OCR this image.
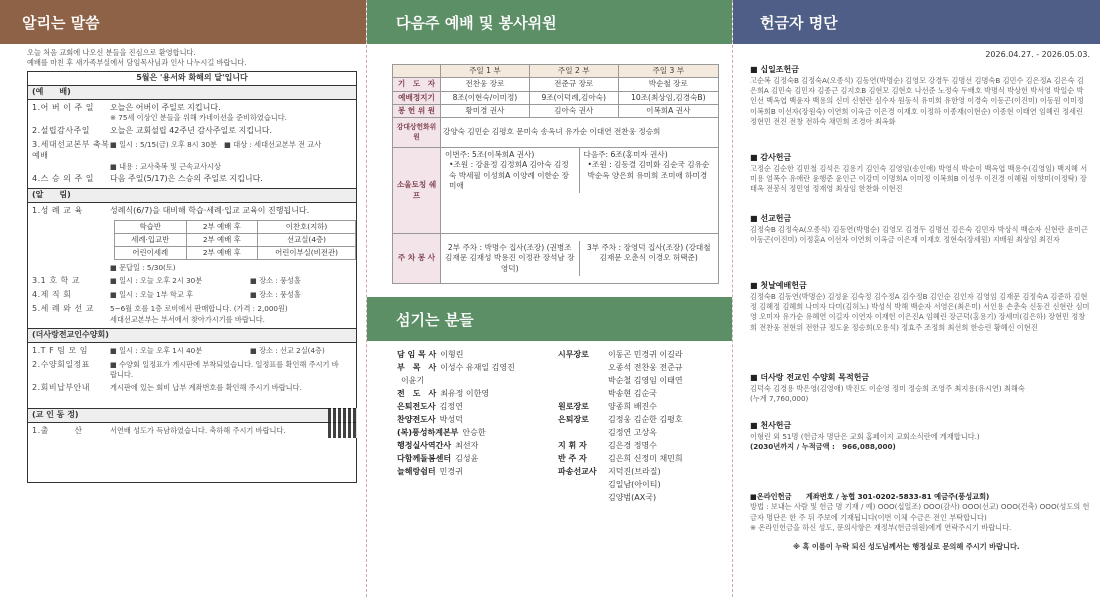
알리는 말씀
오늘 처음 교회에 나오신 분들을 진심으로 환영합니다.
예배를 마친 후 새가족부실에서 담임목사님과 인사 나누시길 바랍니다.
5월은 '용서와 화해의 달'입니다
(예　　배)
1.어 버 이 주 일	오늘은 어버이 주일로 지킵니다.
※ 75세 이상인 분들을 위해 카네이션을 준비하였습니다.
2.설립감사주일	오늘은 교회설립 42주년 감사주일로 지킵니다.
3.세대선교본부 축복예배
■ 일시 : 5/15(금) 오후 8시 30분　■ 대상 : 세대선교본부 전 교사
■ 내용 : 교사축복 및 근속교사시상
4.스 승 의 주 일	다음 주일(5/17)은 스승의 주일로 지킵니다.
(알　　림)
1.성 례 교 육	성례식(6/7)을 대비해 학습·세례·입교 교육이 진행됩니다.
학습반	2부 예배 후	이찬호(지하)
세례·입교반	2부 예배 후	선교실(4층)
어린이세례	2부 예배 후	어린이부실(비전관)
■ 문답일 : 5/30(토)
3.1 호 학 교	■ 일시 : 오늘 오후 2시 30분	■ 장소 : 풍성홀
4.제 직 회	■ 일시 : 오늘 1부 학교 후	■ 장소 : 풍성홀
5.세 례 와 선 교	5~6월 호를 1층 로비에서 판매합니다. (가격 : 2,000원)
세대선교본부는 부서에서 찾아가시기를 바랍니다.
(더사랑전교인수양회)
1.T F 팀 모 임	■ 일시 : 오늘 오후 1시 40분	■ 장소 : 선교 2실(4층)
2.수양회일정표	■ 수양회 일정표가 게시판에 부착되었습니다. 일정표를 확인해 주시기 바랍니다.
2.회비납부안내	게시판에 있는 회비 납부 계좌번호를 확인해 주시기 바랍니다.
(교 인 동 정)
1.출　　　산	서연배 성도가 득남하였습니다. 축하해 주시기 바랍니다.
다음주 예배 및 봉사위원
	주일 1 부	주일 2 부	주일 3 부
기　도　자	전찬웅 장로	전준규 장로	박순철 장로
예배정지기	8조(이현숙/이미정)	9조(이덕례,김아숙)	10조(최상임,김경숙B)
봉 헌 위 원	황미경 권사	김아숙 권사	이복희A 권사
강대상헌화위원	강양숙 김민순 김평호 문미숙 송옥녀 유가순 이대연 전찬웅 정승희		
소울토칭 쉐프	이번주: 5조(이복희A 권사)
•조원 : 강윤정 김정희A 김아숙 김정숙 박세필 이성희A 이양례 이한순 장미애
다음주: 6조(홍미자 권사)
•조원 : 김동결 김미화 김순국 김유순 박순옥 양은희 유미희 조미애 하미경		

주 차 봉 사	2부 주차 : 박명수 집사(조장) (권병조 김재문 김재성 박용진 이정관 장석남 장영덕)
3부 주차 : 장영덕 집사(조장) (강대철 김재문 오춘식 이경오 허택준)		
섬기는 분들
담 임 목 사 이형린
부　목　사 이성수 유재일 김영진
이윤기
전　도　사 최유정 이한영
은퇴전도사 김정연
찬양전도사 박성덕
(복)풍성하계본부 안승한
행정실사역간사 최선자
다함께돌봄센터 김성윤
늘해랑쉼터 민경귀
시무장로	이동곤 민경귀 이길라
오종석 전찬웅 전준규
박순철 김영임 이태연
박송현 김순국
원로장로	양종희 배진수
은퇴장로	김정웅 김순한 김평호
김정연 고상옥
지 휘 자	김은경 정명수
반 주 자	김은희 신정미 채민희
파송선교사	지덕진(브라질)
김일남(아이티)
김양범(AX국)
헌금자 명단
2026.04.27. - 2026.05.03.
■ 십일조헌금
고순복 김정숙B 김정숙A(오종석) 김동연(박명순) 김영모 강경두 김명선 김명숙B 김민수 김은정A 김은숙 김은희A 김민숙 김민자 김종근 김지호B 김현모 김현호 나선준 노정숙 두배호 박명식 박상헌 박서영 박일순 박인선 백옥엽 백윤자 백용의 신미 신현란 심수자 원동식 유미희 유한영 이경숙 이동곤(이진미) 이동원 이미정 이복희B 이선자(장원숙) 이연희 이옥금 이은경 이재호 이정하 이종재(이현순) 이종현 이태연 임혜린 정세린 정현민 전진 전창 전하숙 채민희 조경아 최옥화
■ 감사헌금
고정순 김순한 김민철 김석은 김용기 김인숙 김영임(송인애) 박영식 박순이 백옥엽 백용수(김영임) 백지혜 서미용 엄폭수 유애란 윤행준 윤인근 이강미 이명희A 이미정 이복희B 이성우 이진경 이혜림 이향미(이정탁) 장태옥 전봉식 정민영 정재영 최상임 한찬화 이현진
■ 선교헌금
김정숙B 김정숙A(오종석) 김동연(박명순) 김영모 김경두 김명선 김은숙 김민자 박상식 백순자 신현란 윤미근 이동곤(이진미) 이정훈A 이선자 이연희 이옥금 이은재 이재호 정현숙(장세원) 지배원 최상임 최진자
■ 첫날예배헌금
김정숙B 김동연(박명순) 김성윤 김숙정 김수정A 김수정B 김인순 김인자 김영임 김재문 김정숙A 김준하 김현정 김혜정 김혜희 나미자 다미(김허노) 박성식 박해 백순자 서영은(최은미) 서인용 손춘숙 신동건 신현란 심미영 오미자 유가순 유혜연 이길자 이연자 이재헌 이은진A 임혜린 장근덕(홍용기) 장세미(김은하) 장현민 정창희 전찬웅 전현위 전한규 정도윤 정승희(오용석) 정효주 조정희 최선희 한승린 황혜신 이현진
■ 더사랑 전교인 수양회 목적헌금
김덕숙 김경용 박은영(김영애) 박진도 이순영 정미 정승희 조영주 최지용(유시연) 최해숙
(누계 7,760,000)
■ 천사헌금
이형린 외 51명 (헌금자 명단은 교회 홈페이지 교회소식란에 게재합니다.)
(2030년까지 / 누적금액 :　966,088,000)
■온라인헌금　　계좌번호 / 농협 301-0202-5833-81 예금주(풍성교회)
방법 : 보내는 사람 및 헌금 명 기재 / 예) OOO(십일조) OOO(감사) OOO(선교) OOO(건축) OOO(성도의 헌금자 명단은 한 주 뒤 주보에 기재됩니다(이번 이체 수금은 전인 부탁합니다)
※ 온라인헌금을 하신 성도, 문의사항은 재정부(헌금위원)에게 연락주시기 바랍니다.
※ 혹 이름이 누락 되신 성도님께서는 행정실로 문의해 주시기 바랍니다.
